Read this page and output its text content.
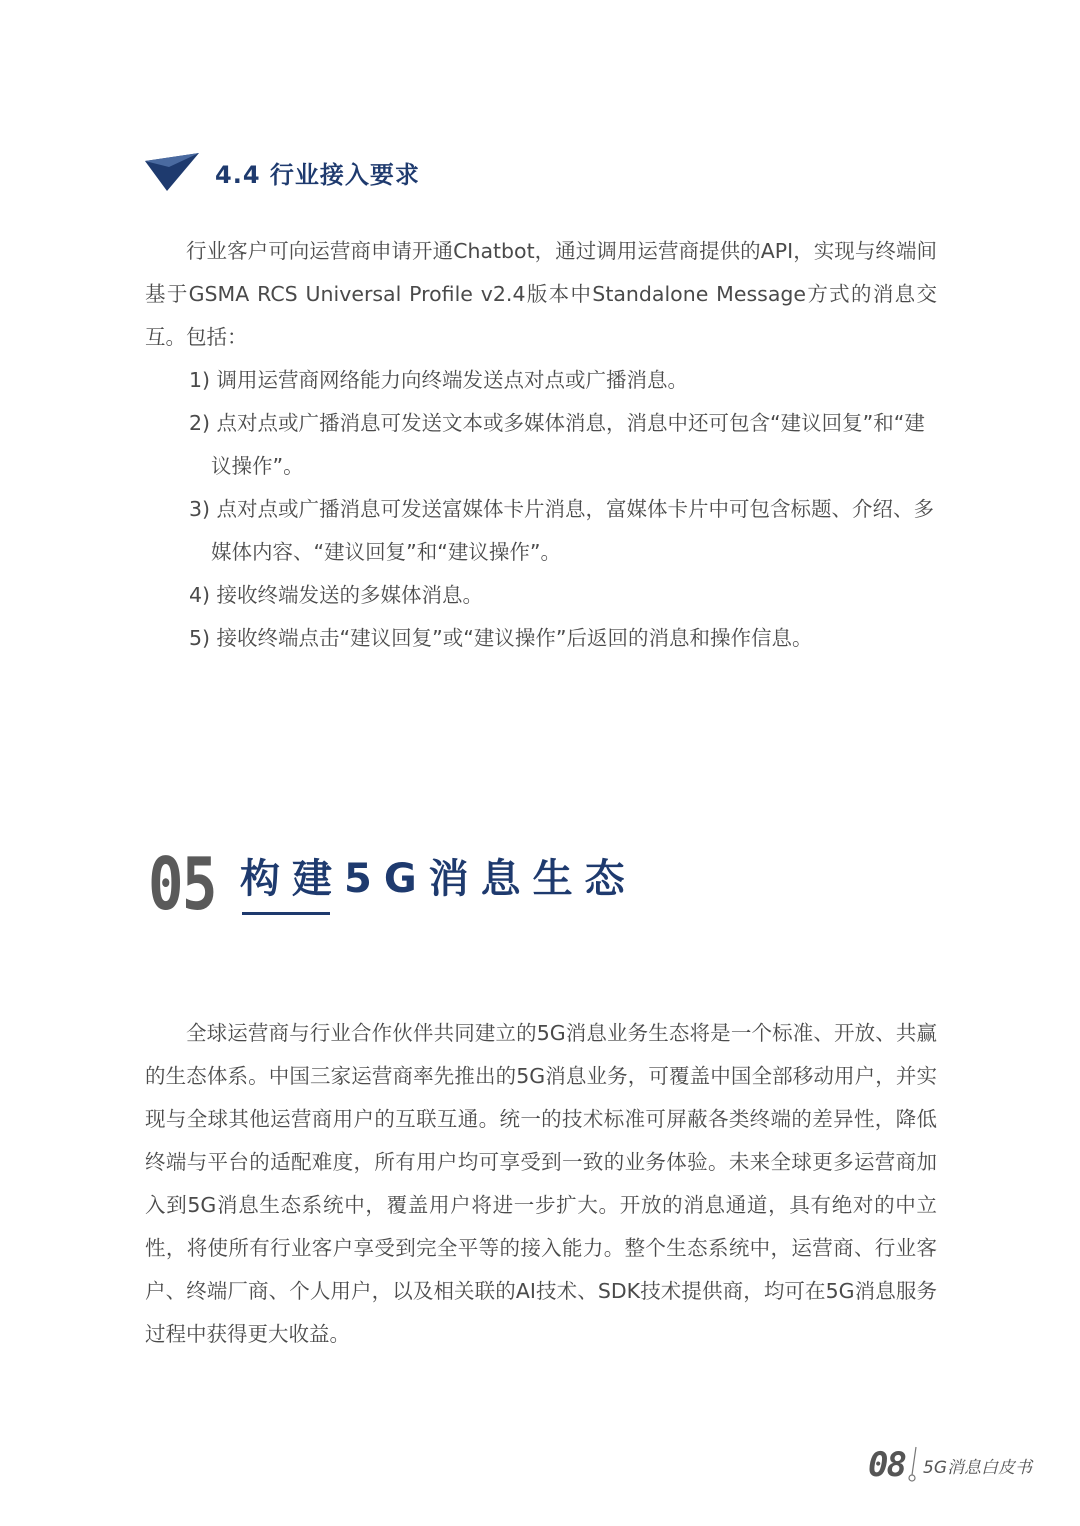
4.4 行业接入要求

行业客户可向运营商申请开通Chatbot，通过调用运营商提供的API，实现与终端间基于GSMA RCS Universal Profile v2.4版本中Standalone Message方式的消息交互。包括：

1) 调用运营商网络能力向终端发送点对点或广播消息。
2) 点对点或广播消息可发送文本或多媒体消息，消息中还可包含“建议回复”和“建议操作”。
3) 点对点或广播消息可发送富媒体卡片消息，富媒体卡片中可包含标题、介绍、多媒体内容、“建议回复”和“建议操作”。
4) 接收终端发送的多媒体消息。
5) 接收终端点击“建议回复”或“建议操作”后返回的消息和操作信息。
05 构建5G消息生态

全球运营商与行业合作伙伴共同建立的5G消息业务生态将是一个标准、开放、共赢的生态体系。中国三家运营商率先推出的5G消息业务，可覆盖中国全部移动用户，并实现与全球其他运营商用户的互联互通。统一的技术标准可屏蔽各类终端的差异性，降低终端与平台的适配难度，所有用户均可享受到一致的业务体验。未来全球更多运营商加入到5G消息生态系统中，覆盖用户将进一步扩大。开放的消息通道，具有绝对的中立性，将使所有行业客户享受到完全平等的接入能力。整个生态系统中，运营商、行业客户、终端厂商、个人用户，以及相关联的AI技术、SDK技术提供商，均可在5G消息服务过程中获得更大收益。

08 5G消息白皮书
